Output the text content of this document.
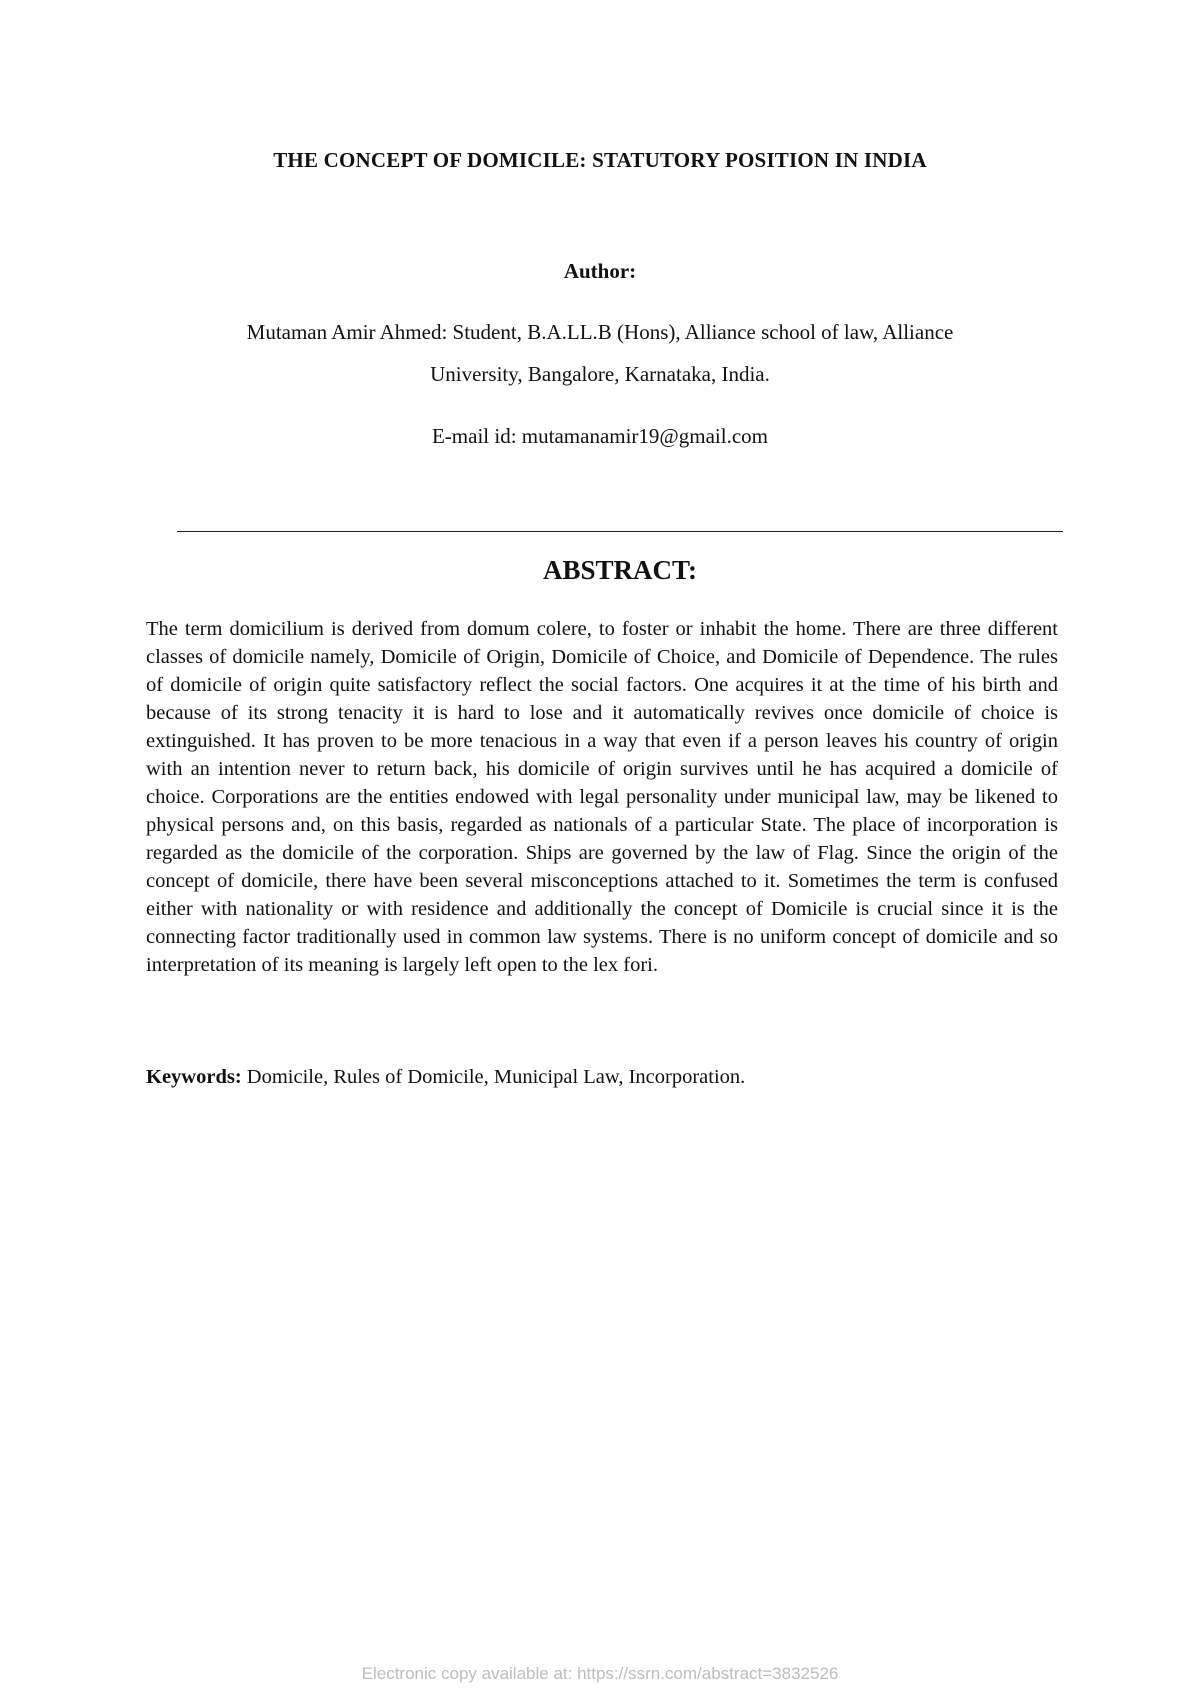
THE CONCEPT OF DOMICILE: STATUTORY POSITION IN INDIA
Author:
Mutaman Amir Ahmed: Student, B.A.LL.B (Hons), Alliance school of law, Alliance
University, Bangalore, Karnataka, India.
E-mail id: mutamanamir19@gmail.com
ABSTRACT:

The term domicilium is derived from domum colere, to foster or inhabit the home. There are three different classes of domicile namely, Domicile of Origin, Domicile of Choice, and Domicile of Dependence. The rules of domicile of origin quite satisfactory reflect the social factors. One acquires it at the time of his birth and because of its strong tenacity it is hard to lose and it automatically revives once domicile of choice is extinguished. It has proven to be more tenacious in a way that even if a person leaves his country of origin with an intention never to return back, his domicile of origin survives until he has acquired a domicile of choice. Corporations are the entities endowed with legal personality under municipal law, may be likened to physical persons and, on this basis, regarded as nationals of a particular State. The place of incorporation is regarded as the domicile of the corporation. Ships are governed by the law of Flag. Since the origin of the concept of domicile, there have been several misconceptions attached to it. Sometimes the term is confused either with nationality or with residence and additionally the concept of Domicile is crucial since it is the connecting factor traditionally used in common law systems. There is no uniform concept of domicile and so interpretation of its meaning is largely left open to the lex fori.

Keywords: Domicile, Rules of Domicile, Municipal Law, Incorporation.

Electronic copy available at: https://ssrn.com/abstract=3832526
